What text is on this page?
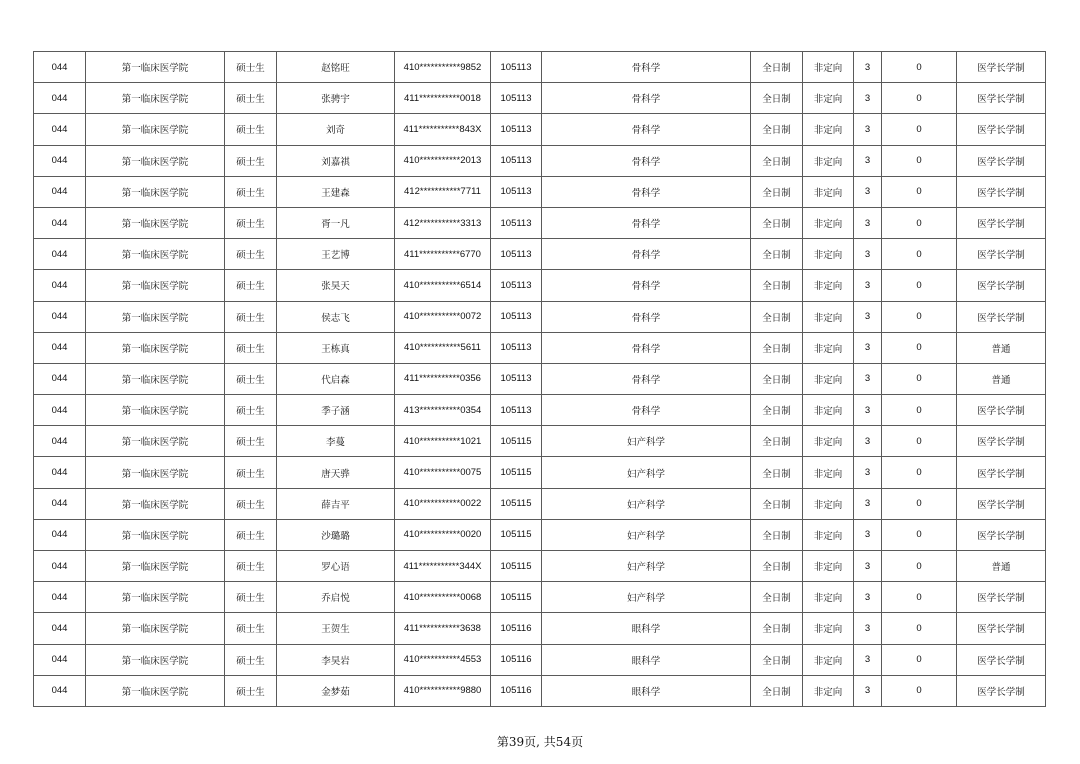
044	第一临床医学院	硕士生	赵铭旺	410***********9852	105113	骨科学	全日制	非定向	3	0	医学长学制
044	第一临床医学院	硕士生	张骋宇	411***********0018	105113	骨科学	全日制	非定向	3	0	医学长学制
044	第一临床医学院	硕士生	刘奇	411***********843X	105113	骨科学	全日制	非定向	3	0	医学长学制
044	第一临床医学院	硕士生	刘嘉祺	410***********2013	105113	骨科学	全日制	非定向	3	0	医学长学制
044	第一临床医学院	硕士生	王建森	412***********7711	105113	骨科学	全日制	非定向	3	0	医学长学制
044	第一临床医学院	硕士生	胥一凡	412***********3313	105113	骨科学	全日制	非定向	3	0	医学长学制
044	第一临床医学院	硕士生	王艺博	411***********6770	105113	骨科学	全日制	非定向	3	0	医学长学制
044	第一临床医学院	硕士生	张昊天	410***********6514	105113	骨科学	全日制	非定向	3	0	医学长学制
044	第一临床医学院	硕士生	侯志飞	410***********0072	105113	骨科学	全日制	非定向	3	0	医学长学制
044	第一临床医学院	硕士生	王栋真	410***********5611	105113	骨科学	全日制	非定向	3	0	普通
044	第一临床医学院	硕士生	代启森	411***********0356	105113	骨科学	全日制	非定向	3	0	普通
044	第一临床医学院	硕士生	季子涵	413***********0354	105113	骨科学	全日制	非定向	3	0	医学长学制
044	第一临床医学院	硕士生	李蔓	410***********1021	105115	妇产科学	全日制	非定向	3	0	医学长学制
044	第一临床医学院	硕士生	唐天骅	410***********0075	105115	妇产科学	全日制	非定向	3	0	医学长学制
044	第一临床医学院	硕士生	薛吉平	410***********0022	105115	妇产科学	全日制	非定向	3	0	医学长学制
044	第一临床医学院	硕士生	沙璐璐	410***********0020	105115	妇产科学	全日制	非定向	3	0	医学长学制
044	第一临床医学院	硕士生	罗心语	411***********344X	105115	妇产科学	全日制	非定向	3	0	普通
044	第一临床医学院	硕士生	乔启悦	410***********0068	105115	妇产科学	全日制	非定向	3	0	医学长学制
044	第一临床医学院	硕士生	王贺生	411***********3638	105116	眼科学	全日制	非定向	3	0	医学长学制
044	第一临床医学院	硕士生	李昊岩	410***********4553	105116	眼科学	全日制	非定向	3	0	医学长学制
044	第一临床医学院	硕士生	金梦茹	410***********9880	105116	眼科学	全日制	非定向	3	0	医学长学制
第39页, 共54页
